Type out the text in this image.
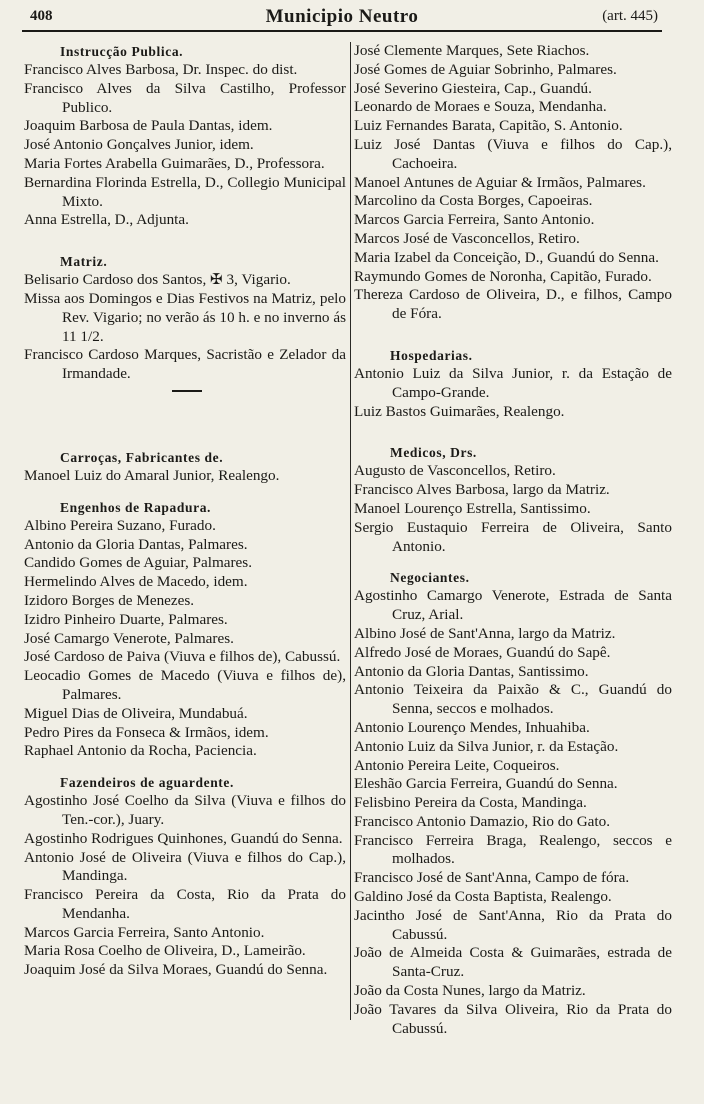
408	Municipio Neutro	(art. 445)
Instrucção Publica.

Francisco Alves Barbosa, Dr. Inspec. do dist.

Francisco Alves da Silva Castilho, Professor Publico.

Joaquim Barbosa de Paula Dantas, idem.

José Antonio Gonçalves Junior, idem.

Maria Fortes Arabella Guimarães, D., Professora.

Bernardina Florinda Estrella, D., Collegio Municipal Mixto.

Anna Estrella, D., Adjunta.

Matriz.

Belisario Cardoso dos Santos, ✠ 3, Vigario.

Missa aos Domingos e Dias Festivos na Matriz, pelo Rev. Vigario; no verão ás 10 h. e no inverno ás 11 1/2.

Francisco Cardoso Marques, Sacristão e Zelador da Irmandade.

Carroças, Fabricantes de.

Manoel Luiz do Amaral Junior, Realengo.

Engenhos de Rapadura.

Albino Pereira Suzano, Furado.

Antonio da Gloria Dantas, Palmares.

Candido Gomes de Aguiar, Palmares.

Hermelindo Alves de Macedo, idem.

Izidoro Borges de Menezes.

Izidro Pinheiro Duarte, Palmares.

José Camargo Venerote, Palmares.

José Cardoso de Paiva (Viuva e filhos de), Cabussú.

Leocadio Gomes de Macedo (Viuva e filhos de), Palmares.

Miguel Dias de Oliveira, Mundabuá.

Pedro Pires da Fonseca & Irmãos, idem.

Raphael Antonio da Rocha, Paciencia.

Fazendeiros de aguardente.

Agostinho José Coelho da Silva (Viuva e filhos do Ten.-cor.), Juary.

Agostinho Rodrigues Quinhones, Guandú do Senna.

Antonio José de Oliveira (Viuva e filhos do Cap.), Mandinga.

Francisco Pereira da Costa, Rio da Prata do Mendanha.

Marcos Garcia Ferreira, Santo Antonio.

Maria Rosa Coelho de Oliveira, D., Lameirão.

Joaquim José da Silva Moraes, Guandú do Senna.

José Clemente Marques, Sete Riachos.

José Gomes de Aguiar Sobrinho, Palmares.

José Severino Giesteira, Cap., Guandú.

Leonardo de Moraes e Souza, Mendanha.

Luiz Fernandes Barata, Capitão, S. Antonio.

Luiz José Dantas (Viuva e filhos do Cap.), Cachoeira.

Manoel Antunes de Aguiar & Irmãos, Palmares.

Marcolino da Costa Borges, Capoeiras.

Marcos Garcia Ferreira, Santo Antonio.

Marcos José de Vasconcellos, Retiro.

Maria Izabel da Conceição, D., Guandú do Senna.

Raymundo Gomes de Noronha, Capitão, Furado.

Thereza Cardoso de Oliveira, D., e filhos, Campo de Fóra.

Hospedarias.

Antonio Luiz da Silva Junior, r. da Estação de Campo-Grande.

Luiz Bastos Guimarães, Realengo.

Medicos, Drs.

Augusto de Vasconcellos, Retiro.

Francisco Alves Barbosa, largo da Matriz.

Manoel Lourenço Estrella, Santissimo.

Sergio Eustaquio Ferreira de Oliveira, Santo Antonio.

Negociantes.

Agostinho Camargo Venerote, Estrada de Santa Cruz, Arial.

Albino José de Sant'Anna, largo da Matriz.

Alfredo José de Moraes, Guandú do Sapê.

Antonio da Gloria Dantas, Santissimo.

Antonio Teixeira da Paixão & C., Guandú do Senna, seccos e molhados.

Antonio Lourenço Mendes, Inhuahiba.

Antonio Luiz da Silva Junior, r. da Estação.

Antonio Pereira Leite, Coqueiros.

Eleshão Garcia Ferreira, Guandú do Senna.

Felisbino Pereira da Costa, Mandinga.

Francisco Antonio Damazio, Rio do Gato.

Francisco Ferreira Braga, Realengo, seccos e molhados.

Francisco José de Sant'Anna, Campo de fóra.

Galdino José da Costa Baptista, Realengo.

Jacintho José de Sant'Anna, Rio da Prata do Cabussú.

João de Almeida Costa & Guimarães, estrada de Santa-Cruz.

João da Costa Nunes, largo da Matriz.

João Tavares da Silva Oliveira, Rio da Prata do Cabussú.
